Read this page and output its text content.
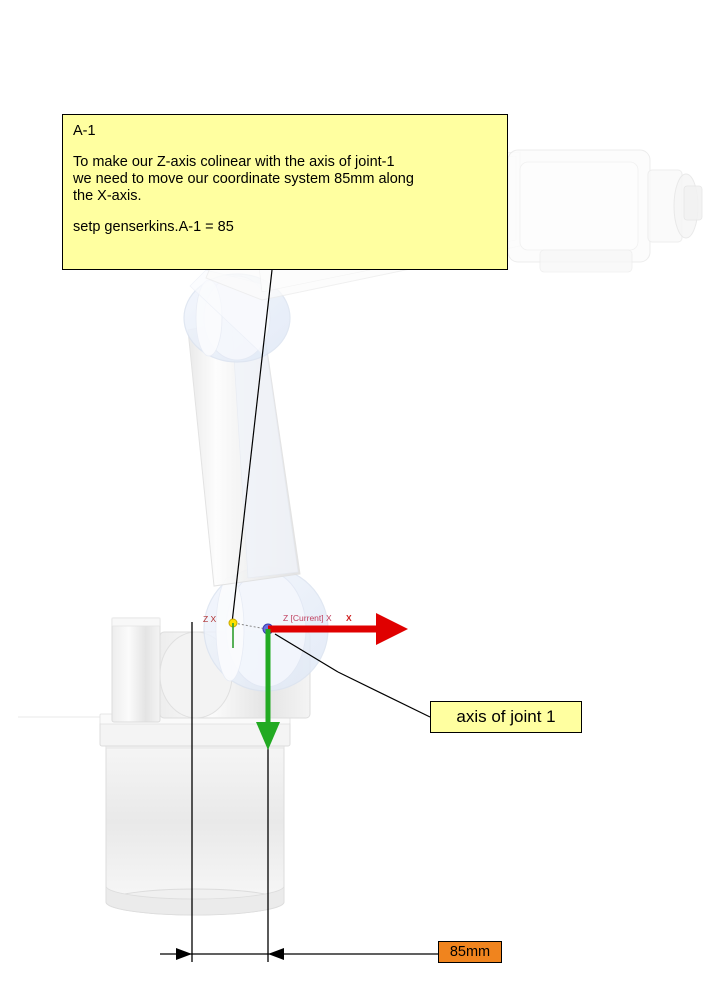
Z X	Z [Current] X X
A-1
To make our Z-axis colinear with the axis of joint-1
we need to move our coordinate system 85mm along
the X-axis.
setp genserkins.A-1 = 85
axis of joint 1
85mm
